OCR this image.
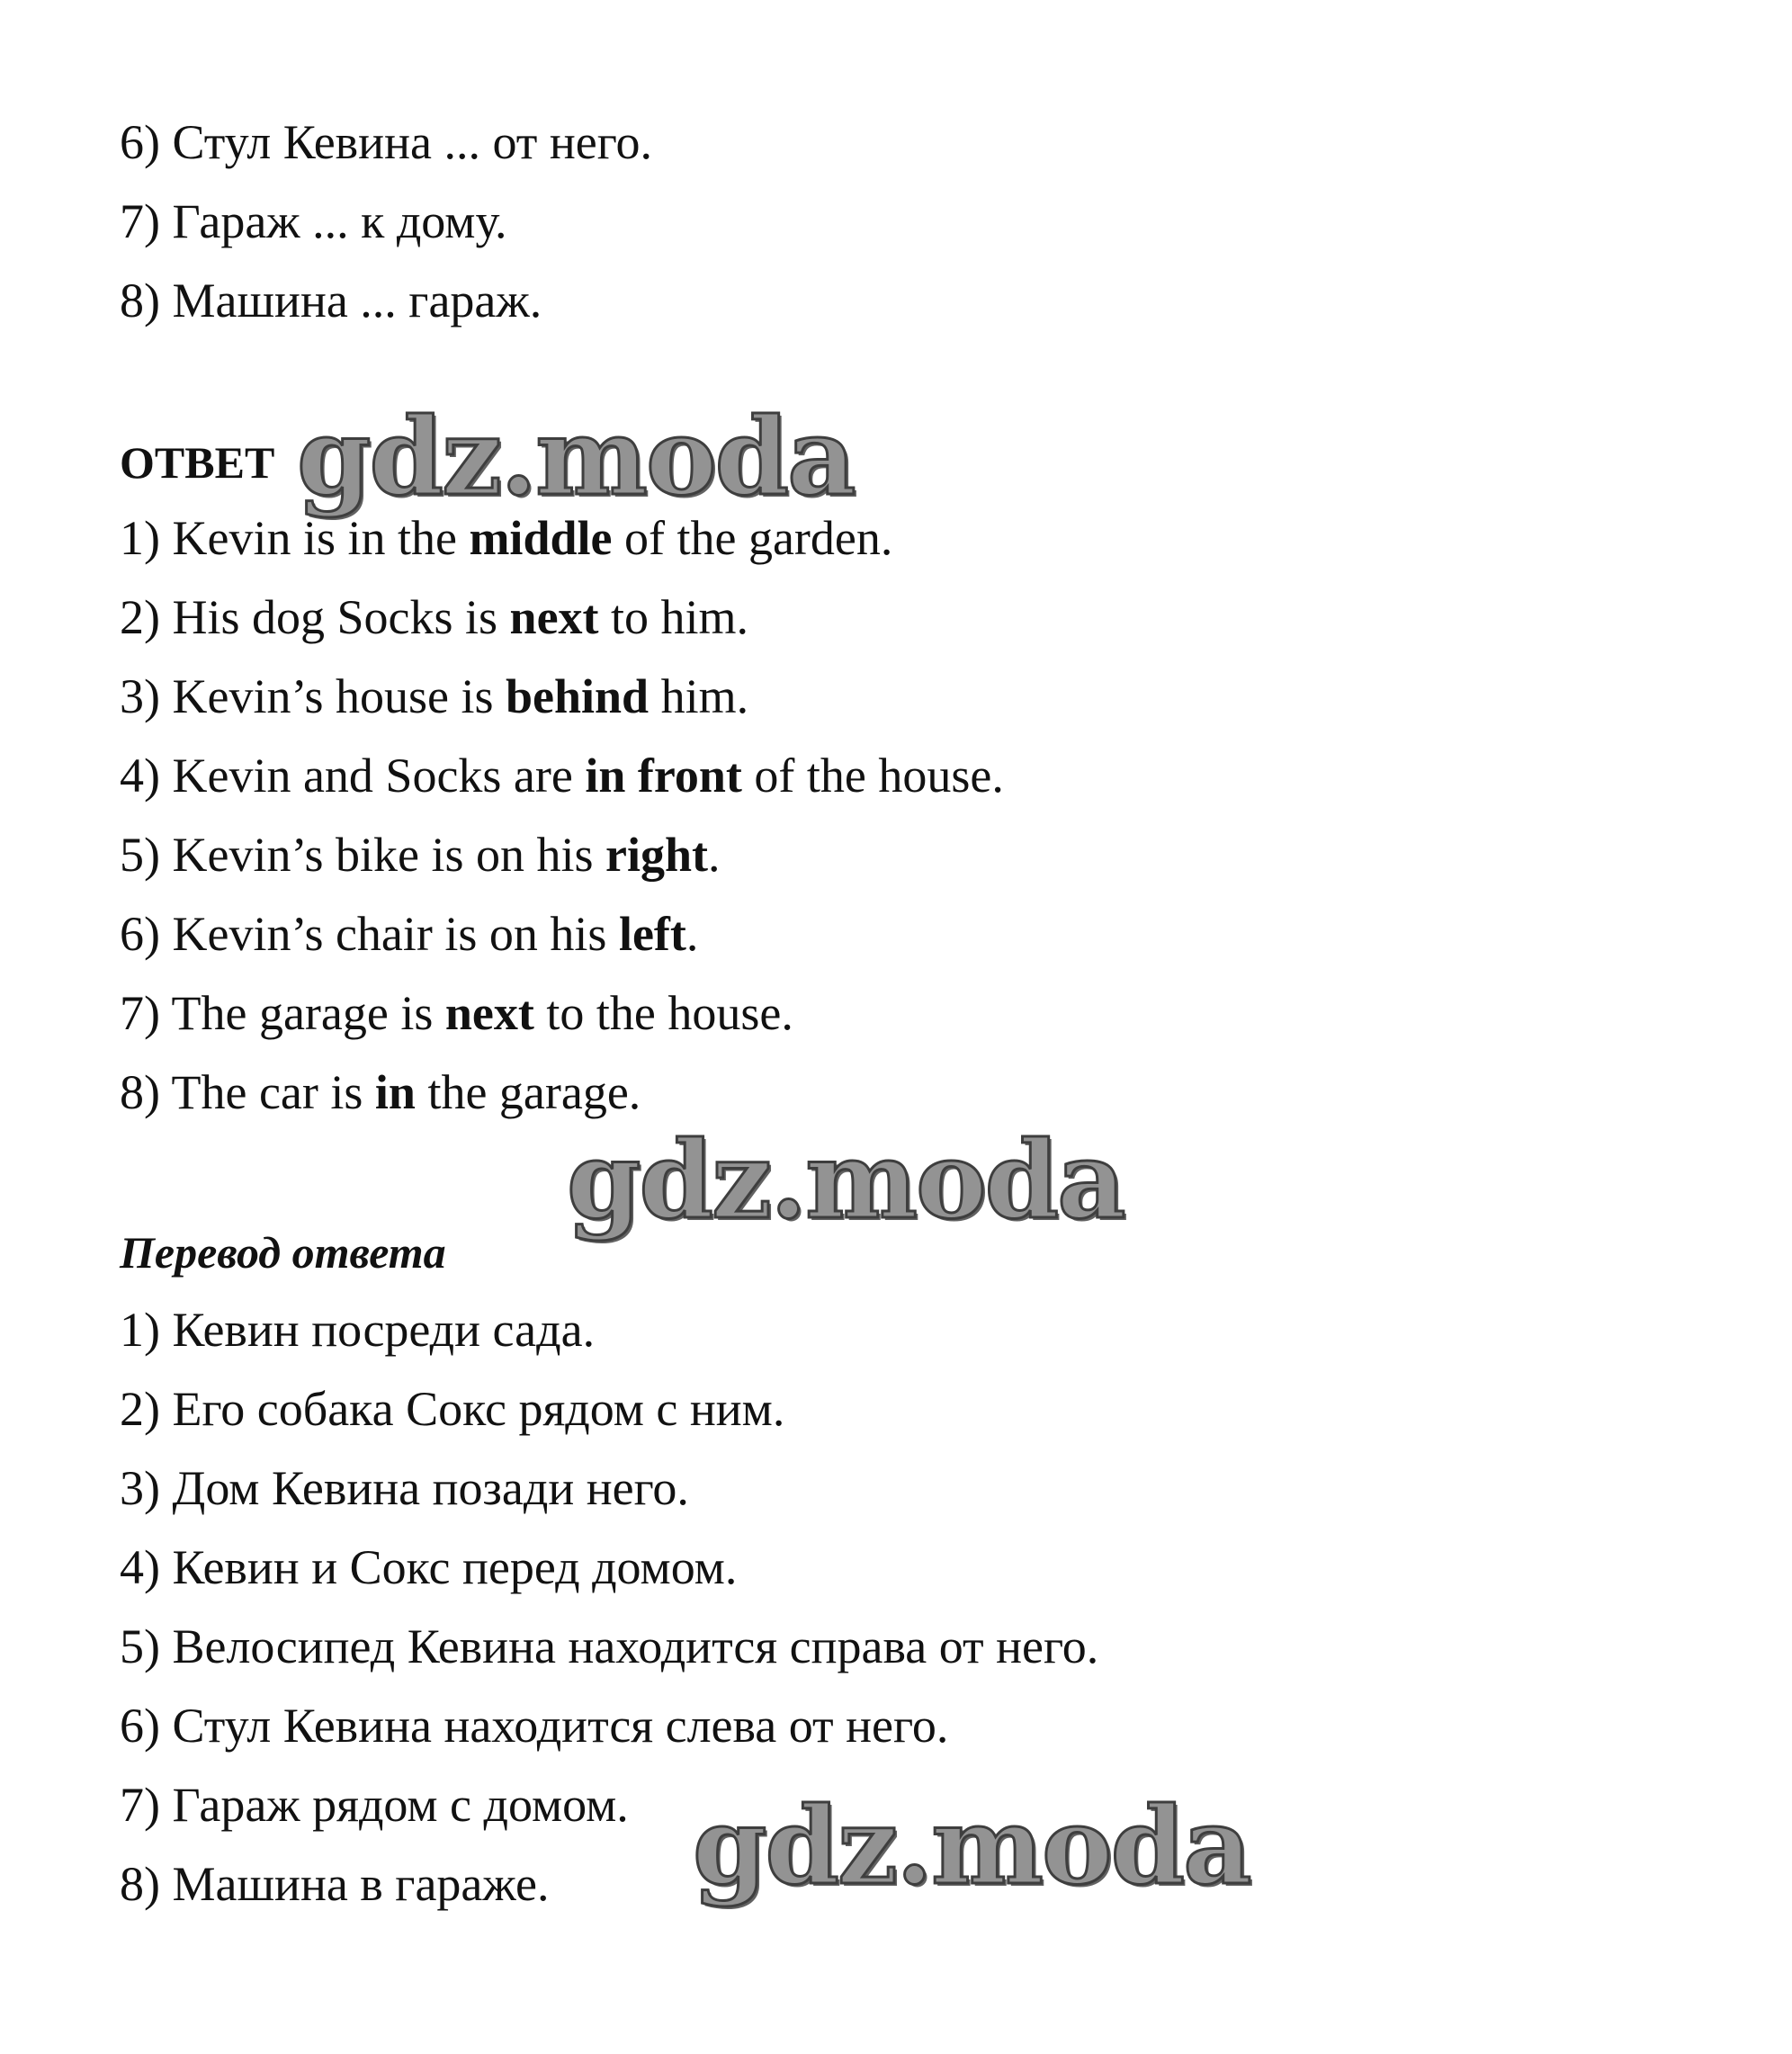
6) Стул Кевина ... от него.
7) Гараж ... к дому.
8) Машина ... гараж.
ОТВЕТ
1) Kevin is in the middle of the garden.
2) His dog Socks is next to him.
3) Kevin’s house is behind him.
4) Kevin and Socks are in front of the house.
5) Kevin’s bike is on his right.
6) Kevin’s chair is on his left.
7) The garage is next to the house.
8) The car is in the garage.
Перевод ответа
1) Кевин посреди сада.
2) Его собака Сокс рядом с ним.
3) Дом Кевина позади него.
4) Кевин и Сокс перед домом.
5) Велосипед Кевина находится справа от него.
6) Стул Кевина находится слева от него.
7) Гараж рядом с домом.
8) Машина в гараже.
gdz.moda
gdz.moda
gdz.moda
